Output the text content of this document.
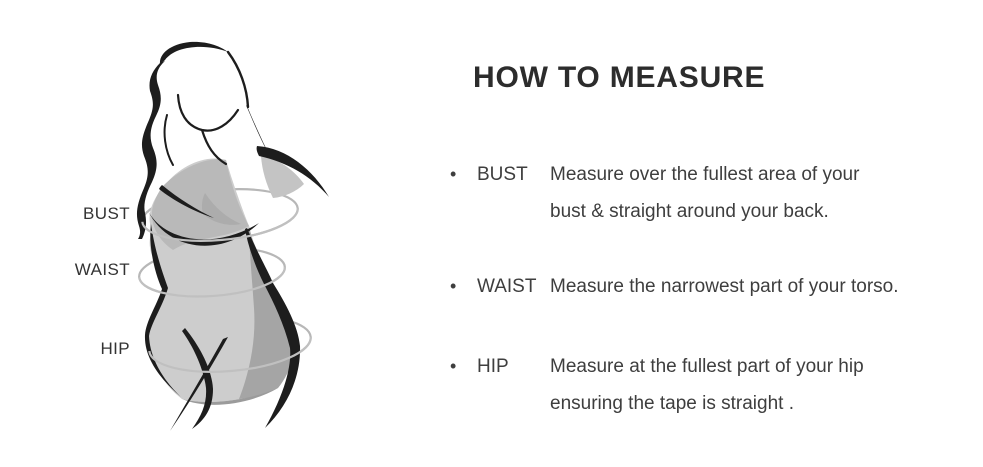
BUST
WAIST
HIP
HOW TO MEASURE
•	BUST	Measure over the fullest area of your
bust & straight around your back.
•	WAIST Measure the narrowest part of your torso.
•	HIP	Measure at the fullest part of your hip
ensuring the tape is straight .
